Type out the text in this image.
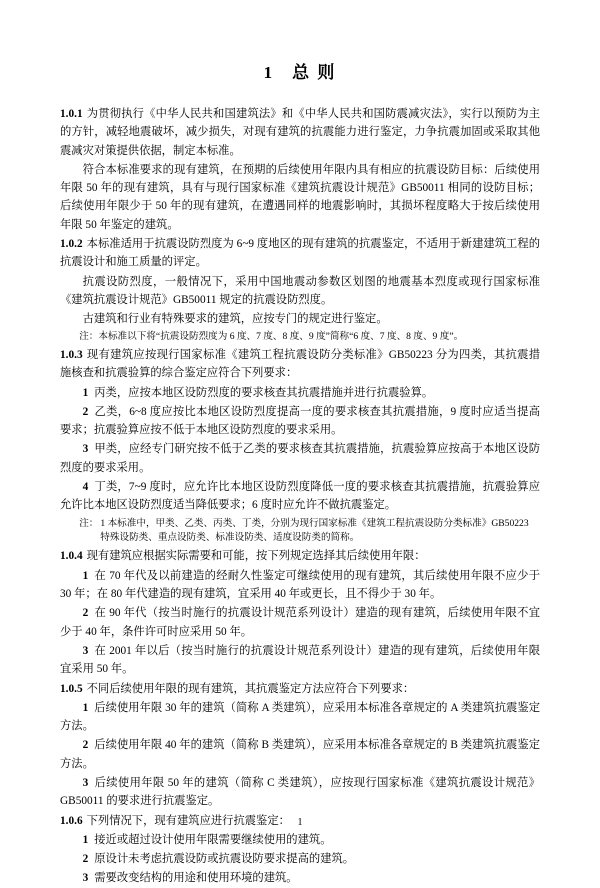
1 总 则

1.0.1 为贯彻执行《中华人民共和国建筑法》和《中华人民共和国防震减灾法》，实行以预防为主的方针，减轻地震破坏，减少损失，对现有建筑的抗震能力进行鉴定，力争抗震加固或采取其他震减灾对策提供依据，制定本标准。

符合本标准要求的现有建筑，在预期的后续使用年限内具有相应的抗震设防目标：后续使用年限 50 年的现有建筑，具有与现行国家标准《建筑抗震设计规范》GB50011 相同的设防目标；后续使用年限少于 50 年的现有建筑，在遭遇同样的地震影响时，其损坏程度略大于按后续使用年限 50 年鉴定的建筑。

1.0.2 本标准适用于抗震设防烈度为 6~9 度地区的现有建筑的抗震鉴定，不适用于新建建筑工程的抗震设计和施工质量的评定。

抗震设防烈度，一般情况下，采用中国地震动参数区划图的地震基本烈度或现行国家标准《建筑抗震设计规范》GB50011 规定的抗震设防烈度。

古建筑和行业有特殊要求的建筑，应按专门的规定进行鉴定。

注：本标准以下将“抗震设防烈度为 6 度、7 度、8 度、9 度”简称“6 度、7 度、8 度、9 度”。

1.0.3 现有建筑应按现行国家标准《建筑工程抗震设防分类标准》GB50223 分为四类，其抗震措施核查和抗震验算的综合鉴定应符合下列要求：

1 丙类，应按本地区设防烈度的要求核查其抗震措施并进行抗震验算。

2 乙类，6~8 度应按比本地区设防烈度提高一度的要求核查其抗震措施，9 度时应适当提高要求；抗震验算应按不低于本地区设防烈度的要求采用。

3 甲类，应经专门研究按不低于乙类的要求核查其抗震措施，抗震验算应按高于本地区设防烈度的要求采用。

4 丁类，7~9 度时，应允许比本地区设防烈度降低一度的要求核查其抗震措施，抗震验算应允许比本地区设防烈度适当降低要求；6 度时应允许不做抗震鉴定。

注： 1 本标准中，甲类、乙类、丙类、丁类，分别为现行国家标准《建筑工程抗震设防分类标准》GB50223
特殊设防类、重点设防类、标准设防类、适度设防类的简称。

1.0.4 现有建筑应根据实际需要和可能，按下列规定选择其后续使用年限：

1 在 70 年代及以前建造的经耐久性鉴定可继续使用的现有建筑，其后续使用年限不应少于 30 年；在 80 年代建造的现有建筑，宜采用 40 年或更长，且不得少于 30 年。

2 在 90 年代（按当时施行的抗震设计规范系列设计）建造的现有建筑，后续使用年限不宜少于 40 年，条件许可时应采用 50 年。

3 在 2001 年以后（按当时施行的抗震设计规范系列设计）建造的现有建筑，后续使用年限宜采用 50 年。

1.0.5 不同后续使用年限的现有建筑，其抗震鉴定方法应符合下列要求：

1 后续使用年限 30 年的建筑（简称 A 类建筑），应采用本标准各章规定的 A 类建筑抗震鉴定方法。

2 后续使用年限 40 年的建筑（简称 B 类建筑），应采用本标准各章规定的 B 类建筑抗震鉴定方法。

3 后续使用年限 50 年的建筑（简称 C 类建筑），应按现行国家标准《建筑抗震设计规范》GB50011 的要求进行抗震鉴定。

1.0.6 下列情况下，现有建筑应进行抗震鉴定：

1 接近或超过设计使用年限需要继续使用的建筑。

2 原设计未考虑抗震设防或抗震设防要求提高的建筑。

3 需要改变结构的用途和使用环境的建筑。

1
